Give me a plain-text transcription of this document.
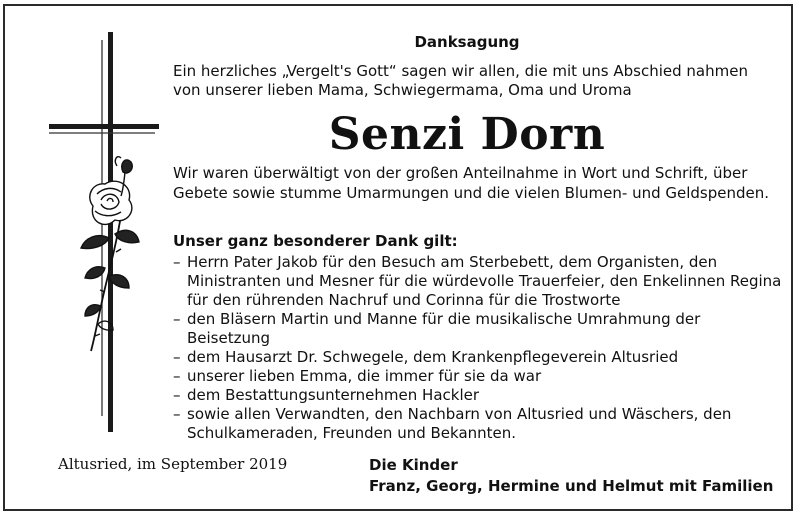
Danksagung
Ein herzliches „Vergelt's Gott“ sagen wir allen, die mit uns Abschied nahmen von unserer lieben Mama, Schwiegermama, Oma und Uroma
Senzi Dorn
Wir waren überwältigt von der großen Anteilnahme in Wort und Schrift, über Gebete sowie stumme Umarmungen und die vielen Blumen- und Geldspenden.
Unser ganz besonderer Dank gilt:
– Herrn Pater Jakob für den Besuch am Sterbebett, dem Organisten, den Ministranten und Mesner für die würdevolle Trauerfeier, den Enkelinnen Regina für den rührenden Nachruf und Corinna für die Trostworte
– den Bläsern Martin und Manne für die musikalische Umrahmung der Beisetzung
– dem Hausarzt Dr. Schwegele, dem Krankenpflegeverein Altusried
– unserer lieben Emma, die immer für sie da war
– dem Bestattungsunternehmen Hackler
– sowie allen Verwandten, den Nachbarn von Altusried und Wäschers, den Schulkameraden, Freunden und Bekannten.
Altusried, im September 2019	Die Kinder
Franz, Georg, Hermine und Helmut mit Familien
